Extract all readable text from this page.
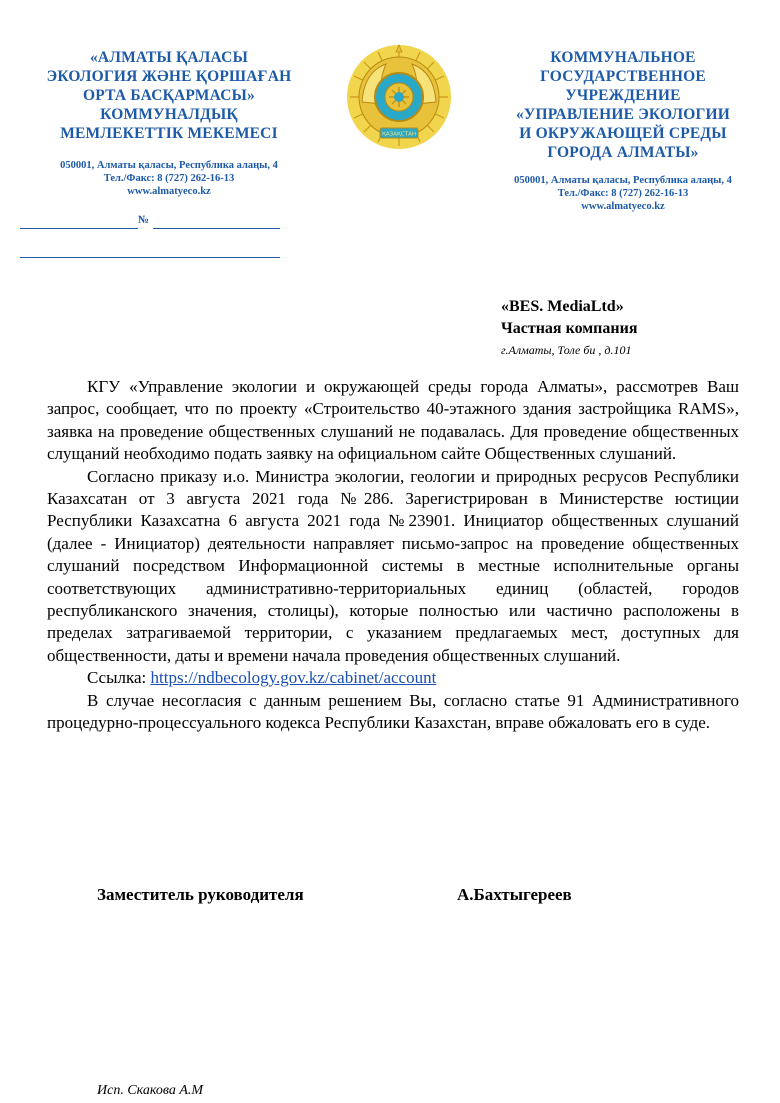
«АЛМАТЫ ҚАЛАСЫ
ЭКОЛОГИЯ ЖӘНЕ ҚОРШАҒАН
ОРТА БАСҚАРМАСЫ»
КОММУНАЛДЫҚ
МЕМЛЕКЕТТІК МЕКЕМЕСІ
050001, Алматы қаласы, Республика алаңы, 4
Тел./Факс: 8 (727) 262-16-13
www.almatyeco.kz
№
ҚАЗАҚСТАН
КОММУНАЛЬНОЕ
ГОСУДАРСТВЕННОЕ
УЧРЕЖДЕНИЕ
«УПРАВЛЕНИЕ ЭКОЛОГИИ
И ОКРУЖАЮЩЕЙ СРЕДЫ
ГОРОДА АЛМАТЫ»
050001, Алматы қаласы, Республика алаңы, 4
Тел./Факс: 8 (727) 262-16-13
www.almatyeco.kz
«BES. MediaLtd»
Частная компания
г.Алматы, Толе би , д.101

КГУ «Управление экологии и окружающей среды города Алматы», рассмотрев Ваш запрос, сообщает, что по проекту «Строительство 40-этажного здания застройщика RAMS», заявка на проведение общественных слушаний не подавалась. Для проведение общественных слущаний необходимо подать заявку на официальном сайте Общественных слушаний.

Согласно приказу и.о. Министра экологии, геологии и природных ресрусов Республики Казахсатан от 3 августа 2021 года №286. Зарегистрирован в Министерстве юстиции Республики Казахсатна 6 августа 2021 года №23901. Инициатор общественных слушаний (далее - Инициатор) деятельности направляет письмо-запрос на проведение общественных слушаний посредством Информационной системы в местные исполнительные органы соответствующих административно-территориальных единиц (областей, городов республиканского значения, столицы), которые полностью или частично расположены в пределах затрагиваемой территории, с указанием предлагаемых мест, доступных для общественности, даты и времени начала проведения общественных слушаний.

Ссылка: https://ndbecology.gov.kz/cabinet/account

В случае несогласия с данным решением Вы, согласно статье 91 Административного процедурно-процессуального кодекса Республики Казахстан, вправе обжаловать его в суде.

Заместитель руководителя	А.Бахтыгереев
Исп. Скакова А.М
